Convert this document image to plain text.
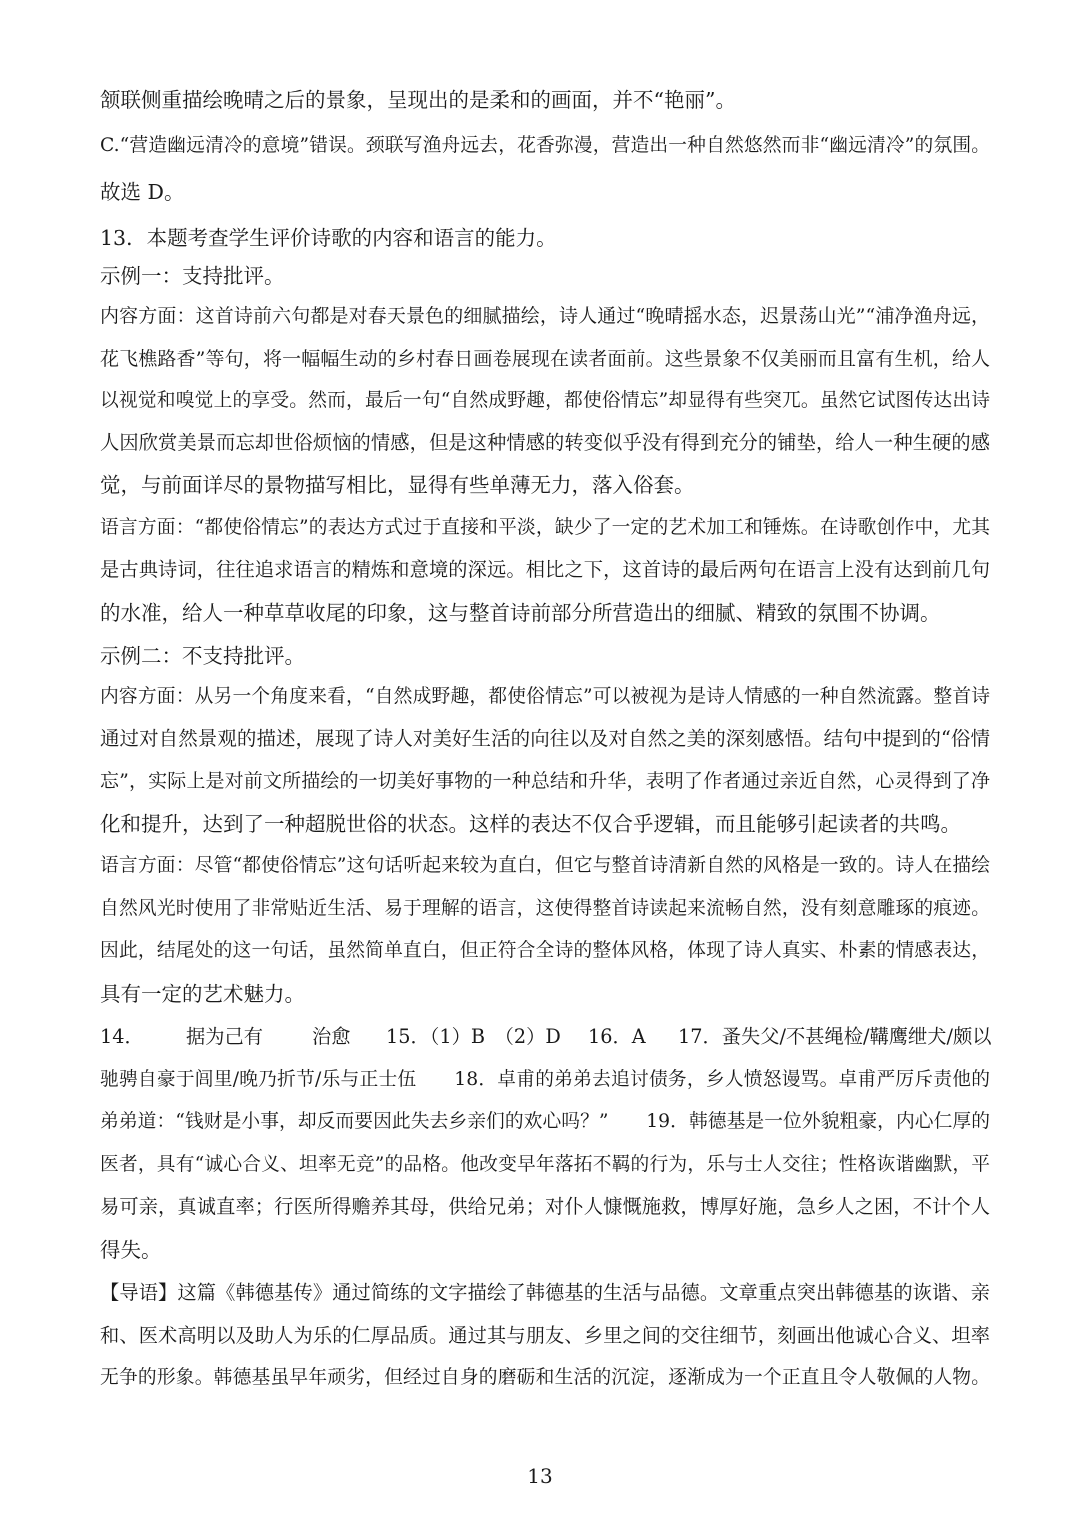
颔联侧重描绘晚晴之后的景象，呈现出的是柔和的画面，并不“艳丽”。
C.“营造幽远清冷的意境”错误。颈联写渔舟远去，花香弥漫，营造出一种自然悠然而非“幽远清冷”的氛围。
故选 D。
13．本题考查学生评价诗歌的内容和语言的能力。
示例一：支持批评。
内容方面：这首诗前六句都是对春天景色的细腻描绘，诗人通过“晚晴摇水态，迟景荡山光”“浦净渔舟远，
花飞樵路香”等句，将一幅幅生动的乡村春日画卷展现在读者面前。这些景象不仅美丽而且富有生机，给人
以视觉和嗅觉上的享受。然而，最后一句“自然成野趣，都使俗情忘”却显得有些突兀。虽然它试图传达出诗
人因欣赏美景而忘却世俗烦恼的情感，但是这种情感的转变似乎没有得到充分的铺垫，给人一种生硬的感
觉，与前面详尽的景物描写相比，显得有些单薄无力，落入俗套。
语言方面：“都使俗情忘”的表达方式过于直接和平淡，缺少了一定的艺术加工和锤炼。在诗歌创作中，尤其
是古典诗词，往往追求语言的精炼和意境的深远。相比之下，这首诗的最后两句在语言上没有达到前几句
的水准，给人一种草草收尾的印象，这与整首诗前部分所营造出的细腻、精致的氛围不协调。
示例二：不支持批评。
内容方面：从另一个角度来看，“自然成野趣，都使俗情忘”可以被视为是诗人情感的一种自然流露。整首诗
通过对自然景观的描述，展现了诗人对美好生活的向往以及对自然之美的深刻感悟。结句中提到的“俗情
忘”，实际上是对前文所描绘的一切美好事物的一种总结和升华，表明了作者通过亲近自然，心灵得到了净
化和提升，达到了一种超脱世俗的状态。这样的表达不仅合乎逻辑，而且能够引起读者的共鸣。
语言方面：尽管“都使俗情忘”这句话听起来较为直白，但它与整首诗清新自然的风格是一致的。诗人在描绘
自然风光时使用了非常贴近生活、易于理解的语言，这使得整首诗读起来流畅自然，没有刻意雕琢的痕迹。
因此，结尾处的这一句话，虽然简单直白，但正符合全诗的整体风格，体现了诗人真实、朴素的情感表达，
具有一定的艺术魅力。
14． 据为己有	治愈 15．（1）B　（2）D 16．A 17．蚤失父/不甚绳检/鞲鹰绁犬/颇以
驰骋自豪于闾里/晚乃折节/乐与正士伍　　18．卓甫的弟弟去追讨债务，乡人愤怒谩骂。卓甫严厉斥责他的
弟弟道：“钱财是小事，却反而要因此失去乡亲们的欢心吗？”　　19．韩德基是一位外貌粗豪，内心仁厚的
医者，具有“诚心合义、坦率无竞”的品格。他改变早年落拓不羁的行为，乐与士人交往；性格诙谐幽默，平
易可亲，真诚直率；行医所得赡养其母，供给兄弟；对仆人慷慨施救，博厚好施，急乡人之困，不计个人
得失。
【导语】这篇《韩德基传》通过简练的文字描绘了韩德基的生活与品德。文章重点突出韩德基的诙谐、亲
和、医术高明以及助人为乐的仁厚品质。通过其与朋友、乡里之间的交往细节，刻画出他诚心合义、坦率
无争的形象。韩德基虽早年顽劣，但经过自身的磨砺和生活的沉淀，逐渐成为一个正直且令人敬佩的人物。
13
